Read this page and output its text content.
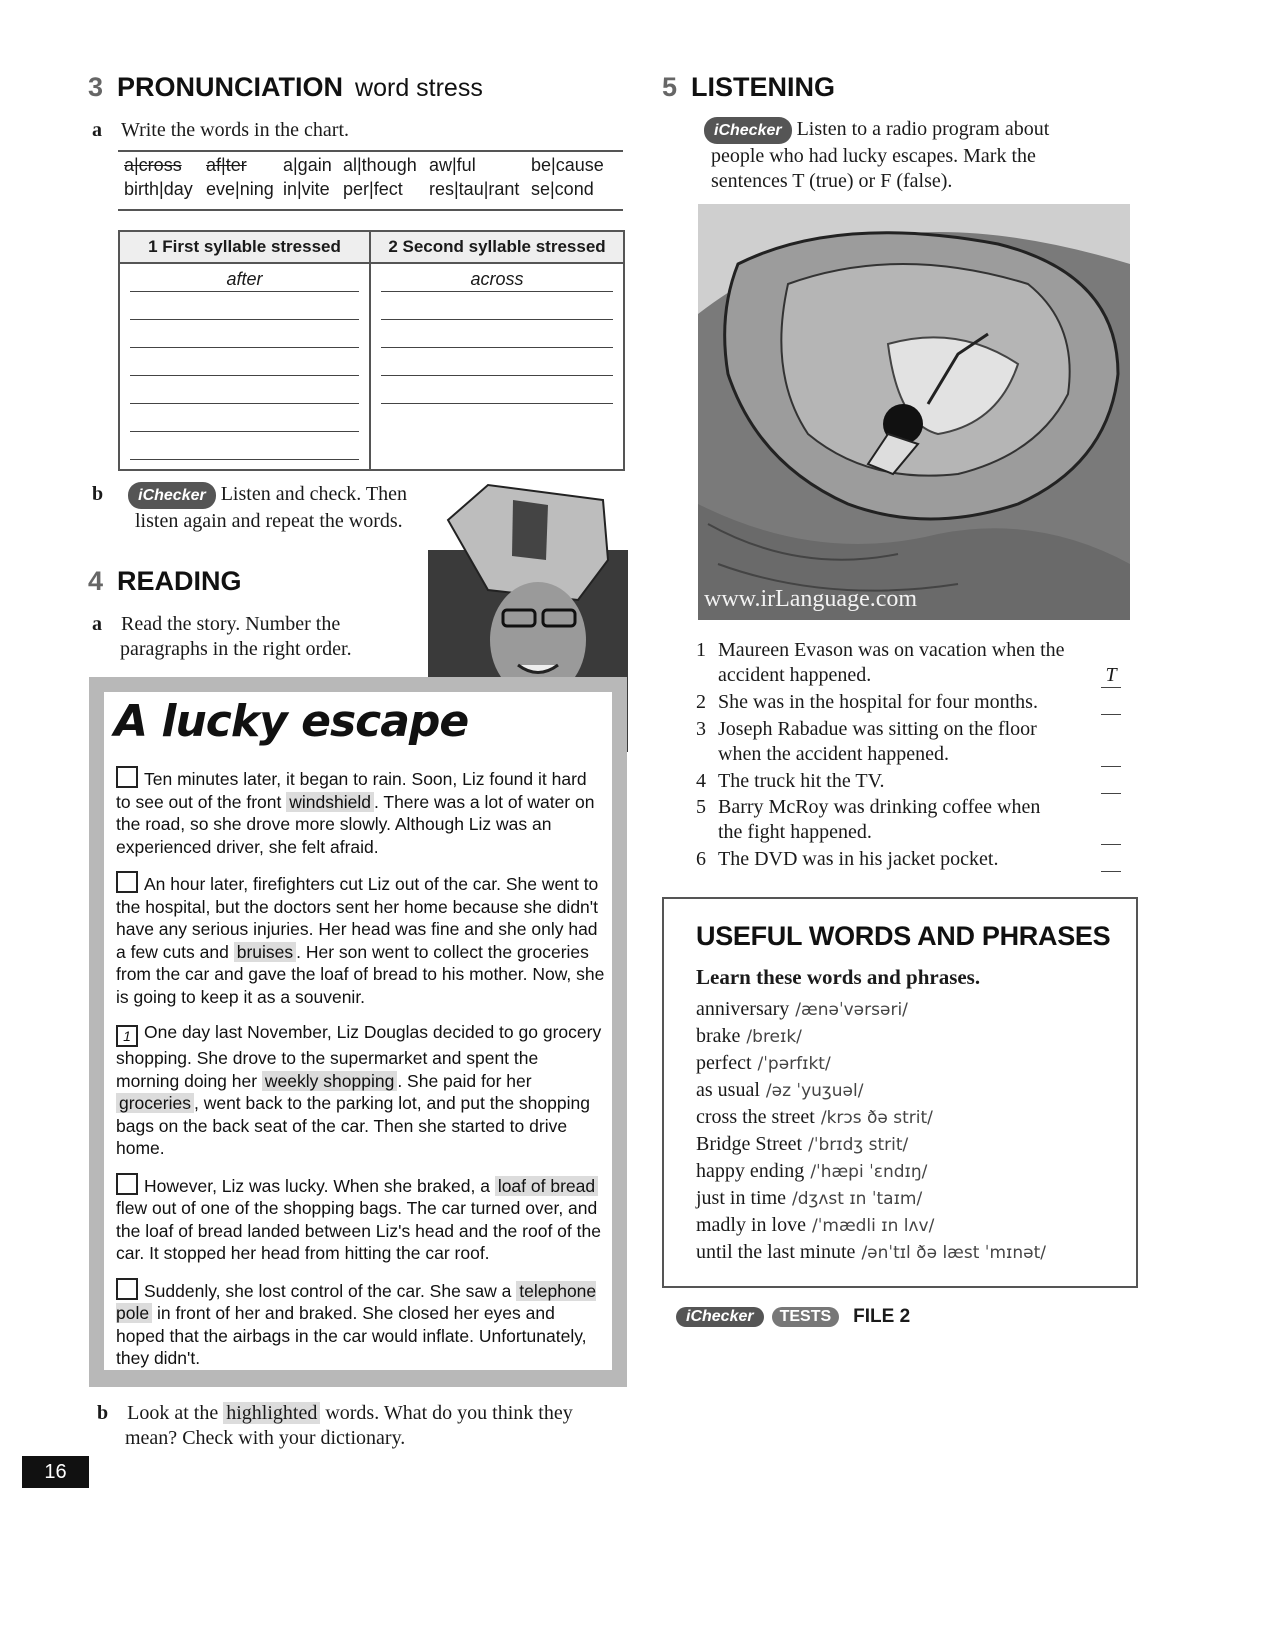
3 PRONUNCIATION word stress
a Write the words in the chart.
a|cross af|ter a|gain al|though aw|ful	be|cause
birth|day eve|ning in|vite per|fect res|tau|rant se|cond
1 First syllable stressed	2 Second syllable stressed

after	across
b iChecker Listen and check. Then
listen again and repeat the words.
4 READING
a Read the story. Number the
paragraphs in the right order.
A lucky escape

Ten minutes later, it began to rain. Soon, Liz found it hard to see out of the front windshield . There was a lot of water on the road, so she drove more slowly. Although Liz was an experienced driver, she felt afraid.

An hour later, firefighters cut Liz out of the car. She went to the hospital, but the doctors sent her home because she didn't have any serious injuries. Her head was fine and she only had a few cuts and bruises . Her son went to collect the groceries from the car and gave the loaf of bread to his mother. Now, she is going to keep it as a souvenir.

1 One day last November, Liz Douglas decided to go grocery shopping. She drove to the supermarket and spent the morning doing her weekly shopping . She paid for her groceries , went back to the parking lot, and put the shopping bags on the back seat of the car. Then she started to drive home.

However, Liz was lucky. When she braked, a loaf of bread flew out of one of the shopping bags. The car turned over, and the loaf of bread landed between Liz's head and the roof of the car. It stopped her head from hitting the car roof.

Suddenly, she lost control of the car. She saw a telephone pole in front of her and braked. She closed her eyes and hoped that the airbags in the car would inflate. Unfortunately, they didn't.

b Look at the highlighted words. What do you think they
mean? Check with your dictionary.
16
5 LISTENING
iChecker Listen to a radio program about
people who had lucky escapes. Mark the
sentences T (true) or F (false).
www.irLanguage.com
1 Maureen Evason was on vacation when the
accident happened.	T
2 She was in the hospital for four months.
3 Joseph Rabadue was sitting on the floor
when the accident happened.
4 The truck hit the TV.
5 Barry McRoy was drinking coffee when
the fight happened.
6 The DVD was in his jacket pocket.
USEFUL WORDS AND PHRASES
Learn these words and phrases.
anniversary /ænəˈvərsəri/
brake /breɪk/
perfect /ˈpərfɪkt/
as usual /əz ˈyuʒuəl/
cross the street /krɔs ðə strit/
Bridge Street /ˈbrɪdʒ strit/
happy ending /ˈhæpi ˈɛndɪŋ/
just in time /dʒʌst ɪn ˈtaɪm/
madly in love /ˈmædli ɪn lʌv/
until the last minute /ənˈtɪl ðə læst ˈmɪnət/
iChecker TESTS FILE 2
